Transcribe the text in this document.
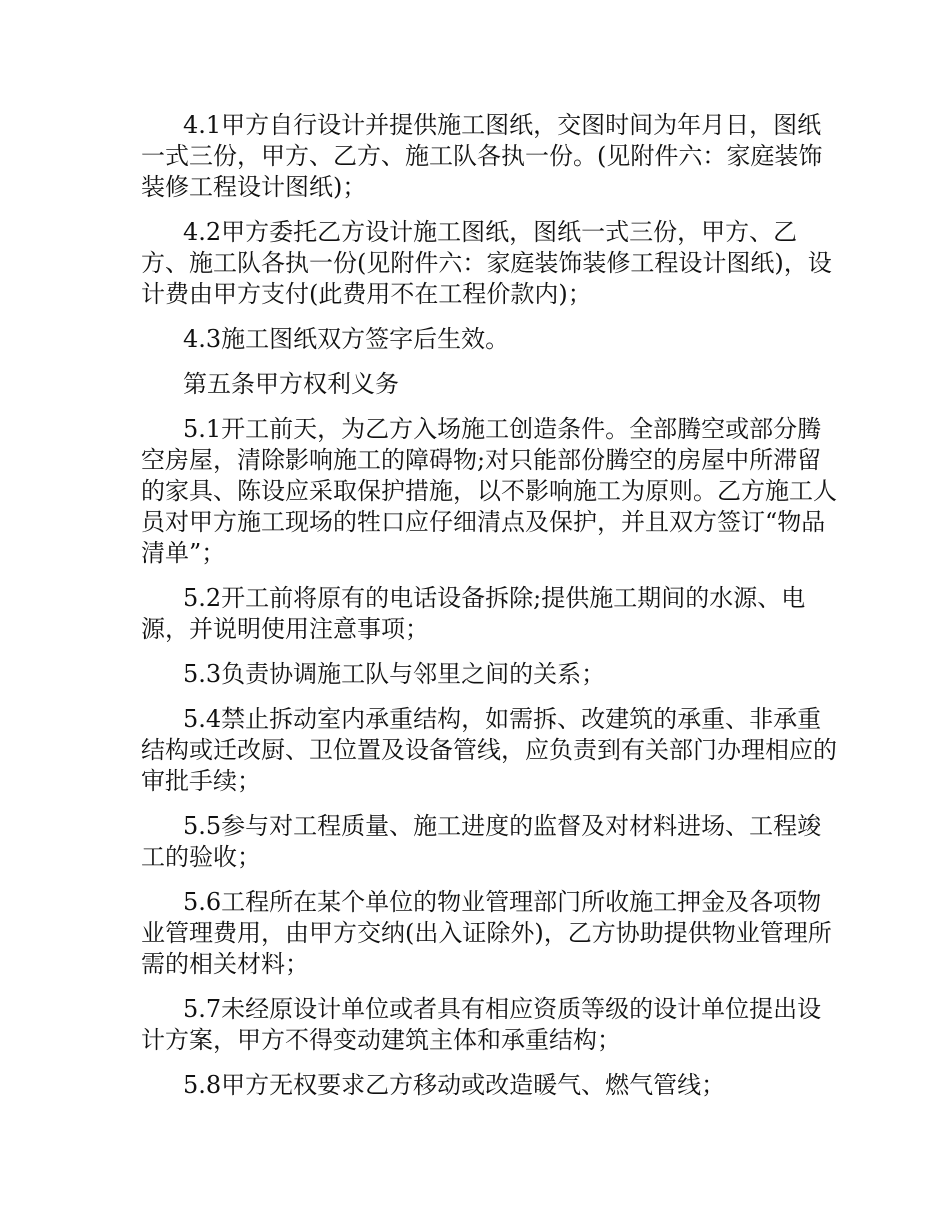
4.1甲方自行设计并提供施工图纸，交图时间为年月日，图纸一式三份，甲方、乙方、施工队各执一份。(见附件六：家庭装饰装修工程设计图纸)；

4.2甲方委托乙方设计施工图纸，图纸一式三份，甲方、乙方、施工队各执一份(见附件六：家庭装饰装修工程设计图纸)，设计费由甲方支付(此费用不在工程价款内)；

4.3施工图纸双方签字后生效。

第五条甲方权利义务

5.1开工前天，为乙方入场施工创造条件。全部腾空或部分腾空房屋，清除影响施工的障碍物;对只能部份腾空的房屋中所滞留的家具、陈设应采取保护措施，以不影响施工为原则。乙方施工人员对甲方施工现场的牲口应仔细清点及保护，并且双方签订“物品清单”；

5.2开工前将原有的电话设备拆除;提供施工期间的水源、电源，并说明使用注意事项；

5.3负责协调施工队与邻里之间的关系；

5.4禁止拆动室内承重结构，如需拆、改建筑的承重、非承重结构或迁改厨、卫位置及设备管线，应负责到有关部门办理相应的审批手续；

5.5参与对工程质量、施工进度的监督及对材料进场、工程竣工的验收；

5.6工程所在某个单位的物业管理部门所收施工押金及各项物业管理费用，由甲方交纳(出入证除外)，乙方协助提供物业管理所需的相关材料；

5.7未经原设计单位或者具有相应资质等级的设计单位提出设计方案，甲方不得变动建筑主体和承重结构；

5.8甲方无权要求乙方移动或改造暖气、燃气管线；
